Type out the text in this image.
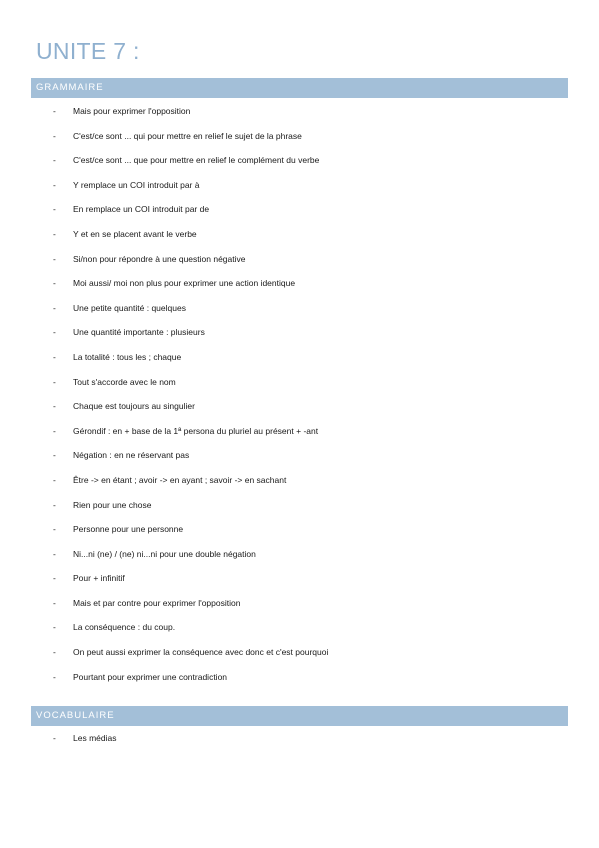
UNITE 7 :
GRAMMAIRE
- Mais pour exprimer l'opposition
- C'est/ce sont ... qui pour mettre en relief le sujet de la phrase
- C'est/ce sont ... que pour mettre en relief le complément du verbe
- Y remplace un COI introduit par à
- En remplace un COI introduit par de
- Y et en se placent avant le verbe
- Si/non pour répondre à une question négative
- Moi aussi/ moi non plus pour exprimer une action identique
- Une petite quantité : quelques
- Une quantité importante : plusieurs
- La totalité : tous les ; chaque
- Tout s'accorde avec le nom
- Chaque est toujours au singulier
- Gérondif : en + base de la 1ª persona du pluriel au présent + -ant
- Négation : en ne réservant pas
- Être -> en étant ; avoir -> en ayant ; savoir -> en sachant
- Rien pour une chose
- Personne pour une personne
- Ni...ni (ne) / (ne) ni...ni pour une double négation
- Pour + infinitif
- Mais et par contre pour exprimer l'opposition
- La conséquence : du coup.
- On peut aussi exprimer la conséquence avec donc et c'est pourquoi
- Pourtant pour exprimer une contradiction
VOCABULAIRE
- Les médias
